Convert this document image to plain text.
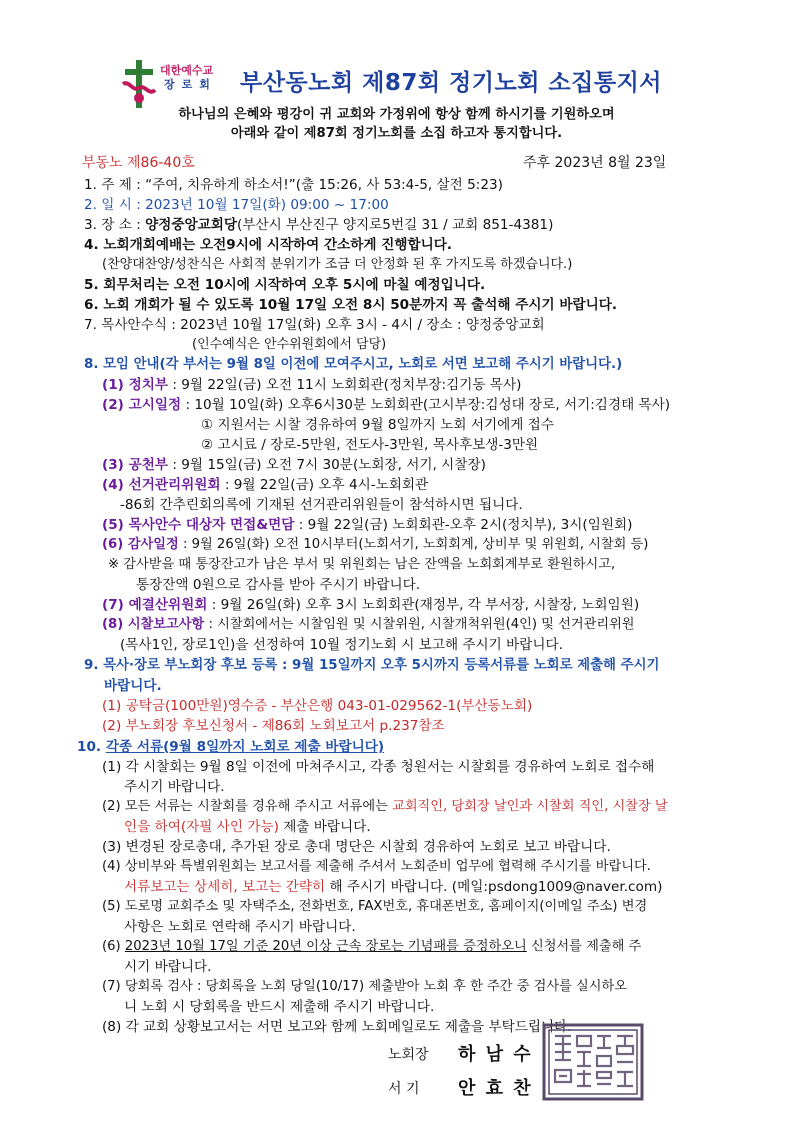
대한예수교
장로회 부산동노회 제87회 정기노회 소집통지서
하나님의 은혜와 평강이 귀 교회와 가정위에 항상 함께 하시기를 기원하오며
아래와 같이 제87회 정기노회를 소집 하고자 통지합니다.
부동노 제86-40호	주후 2023년 8월 23일
1. 주 제 : “주여, 치유하게 하소서!”(출 15:26, 사 53:4-5, 살전 5:23)
2. 일 시 : 2023년 10월 17일(화) 09:00 ~ 17:00
3. 장 소 : 양정중앙교회당(부산시 부산진구 양지로5번길 31 / 교회 851-4381)
4. 노회개회예배는 오전9시에 시작하여 간소하게 진행합니다.
(찬양대찬양/성찬식은 사회적 분위기가 조금 더 안정화 된 후 가지도록 하겠습니다.)
5. 회무처리는 오전 10시에 시작하여 오후 5시에 마칠 예정입니다.
6. 노회 개회가 될 수 있도록 10월 17일 오전 8시 50분까지 꼭 출석해 주시기 바랍니다.
7. 목사안수식 : 2023년 10월 17일(화) 오후 3시 - 4시 / 장소 : 양정중앙교회
(인수예식은 안수위원회에서 담당)
8. 모임 안내(각 부서는 9월 8일 이전에 모여주시고, 노회로 서면 보고해 주시기 바랍니다.)
(1) 정치부 : 9월 22일(금) 오전 11시 노회회관(정치부장:김기동 목사)
(2) 고시일정 : 10월 10일(화) 오후6시30분 노회회관(고시부장:김성대 장로, 서기:김경태 목사)
① 지원서는 시찰 경유하여 9월 8일까지 노회 서기에게 접수
② 고시료 / 장로-5만원, 전도사-3만원, 목사후보생-3만원
(3) 공천부 : 9월 15일(금) 오전 7시 30분(노회장, 서기, 시찰장)
(4) 선거관리위원회 : 9월 22일(금) 오후 4시-노회회관
-86회 간추린회의록에 기재된 선거관리위원들이 참석하시면 됩니다.
(5) 목사안수 대상자 면접&면담 : 9월 22일(금) 노회회관-오후 2시(정치부), 3시(임원회)
(6) 감사일정 : 9월 26일(화) 오전 10시부터(노회서기, 노회회계, 상비부 및 위원회, 시찰회 등)
※ 감사받을 때 통장잔고가 남은 부서 및 위원회는 남은 잔액을 노회회계부로 환원하시고,
통장잔액 0원으로 감사를 받아 주시기 바랍니다.
(7) 예결산위원회 : 9월 26일(화) 오후 3시 노회회관(재정부, 각 부서장, 시찰장, 노회임원)
(8) 시찰보고사항 : 시찰회에서는 시찰임원 및 시찰위원, 시찰개척위원(4인) 및 선거관리위원
(목사1인, 장로1인)을 선정하여 10월 정기노회 시 보고해 주시기 바랍니다.
9. 목사·장로 부노회장 후보 등록 : 9월 15일까지 오후 5시까지 등록서류를 노회로 제출해 주시기
바랍니다.
(1) 공탁금(100만원)영수증 - 부산은행 043-01-029562-1(부산동노회)
(2) 부노회장 후보신청서 - 제86회 노회보고서 p.237참조
10. 각종 서류(9월 8일까지 노회로 제출 바랍니다)
(1) 각 시찰회는 9월 8일 이전에 마쳐주시고, 각종 청원서는 시찰회를 경유하여 노회로 접수해
주시기 바랍니다.
(2) 모든 서류는 시찰회를 경유해 주시고 서류에는 교회직인, 당회장 날인과 시찰회 직인, 시찰장 날
인을 하여(자필 사인 가능) 제출 바랍니다.
(3) 변경된 장로총대, 추가된 장로 총대 명단은 시찰회 경유하여 노회로 보고 바랍니다.
(4) 상비부와 특별위원회는 보고서를 제출해 주셔서 노회준비 업무에 협력해 주시기를 바랍니다.
서류보고는 상세히, 보고는 간략히 해 주시기 바랍니다. (메일:psdong1009@naver.com)
(5) 도로명 교회주소 및 자택주소, 전화번호, FAX번호, 휴대폰번호, 홈페이지(이메일 주소) 변경
사항은 노회로 연락해 주시기 바랍니다.
(6) 2023년 10월 17일 기준 20년 이상 근속 장로는 기념패를 증정하오니 신청서를 제출해 주
시기 바랍니다.
(7) 당회록 검사 : 당회록을 노회 당일(10/17) 제출받아 노회 후 한 주간 중 검사를 실시하오
니 노회 시 당회록을 반드시 제출해 주시기 바랍니다.
(8) 각 교회 상황보고서는 서면 보고와 함께 노회메일로도 제출을 부탁드립니다.
노회장 하 남 수
서 기 안 효 찬
